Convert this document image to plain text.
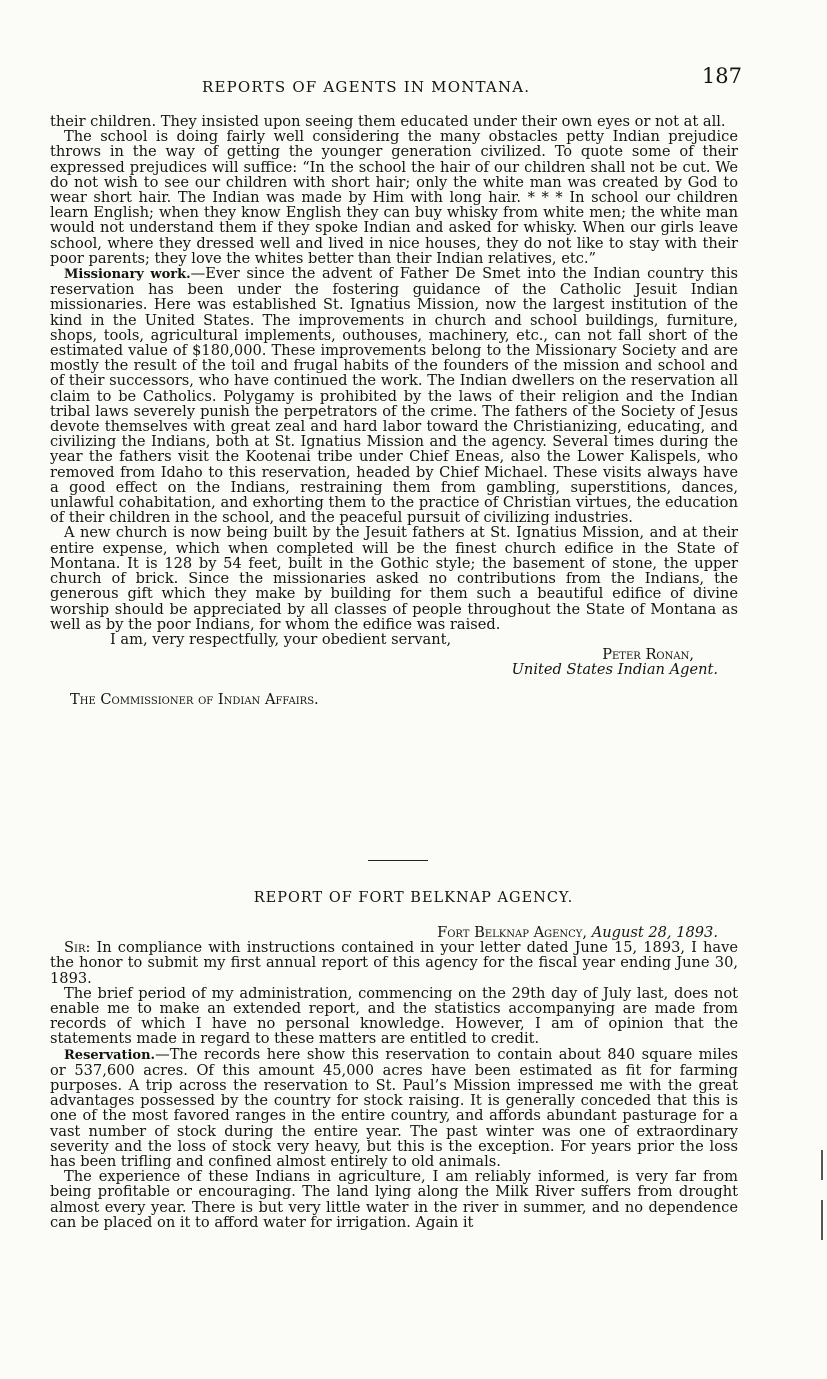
REPORTS OF AGENTS IN MONTANA.	187

their children. They insisted upon seeing them educated under their own eyes or not at all.

The school is doing fairly well considering the many obstacles petty Indian prejudice throws in the way of getting the younger generation civilized. To quote some of their expressed prejudices will suffice: “In the school the hair of our children shall not be cut. We do not wish to see our children with short hair; only the white man was created by God to wear short hair. The Indian was made by Him with long hair. * * * In school our children learn English; when they know English they can buy whisky from white men; the white man would not understand them if they spoke Indian and asked for whisky. When our girls leave school, where they dressed well and lived in nice houses, they do not like to stay with their poor parents; they love the whites better than their Indian relatives, etc.”

Missionary work.—Ever since the advent of Father De Smet into the Indian country this reservation has been under the fostering guidance of the Catholic Jesuit Indian missionaries. Here was established St. Ignatius Mission, now the largest institution of the kind in the United States. The improvements in church and school buildings, furniture, shops, tools, agricultural implements, outhouses, machinery, etc., can not fall short of the estimated value of $180,000. These improvements belong to the Missionary Society and are mostly the result of the toil and frugal habits of the founders of the mission and school and of their successors, who have continued the work. The Indian dwellers on the reservation all claim to be Catholics. Polygamy is prohibited by the laws of their religion and the Indian tribal laws severely punish the perpetrators of the crime. The fathers of the Society of Jesus devote themselves with great zeal and hard labor toward the Christianizing, educating, and civilizing the Indians, both at St. Ignatius Mission and the agency. Several times during the year the fathers visit the Kootenai tribe under Chief Eneas, also the Lower Kalispels, who removed from Idaho to this reservation, headed by Chief Michael. These visits always have a good effect on the Indians, restraining them from gambling, superstitions, dances, unlawful cohabitation, and exhorting them to the practice of Christian virtues, the education of their children in the school, and the peaceful pursuit of civilizing industries.

A new church is now being built by the Jesuit fathers at St. Ignatius Mission, and at their entire expense, which when completed will be the finest church edifice in the State of Montana. It is 128 by 54 feet, built in the Gothic style; the basement of stone, the upper church of brick. Since the missionaries asked no contributions from the Indians, the generous gift which they make by building for them such a beautiful edifice of divine worship should be appreciated by all classes of people throughout the State of Montana as well as by the poor Indians, for whom the edifice was raised.

I am, very respectfully, your obedient servant,

Peter Ronan,

United States Indian Agent.

The Commissioner of Indian Affairs.

REPORT OF FORT BELKNAP AGENCY.

Fort Belknap Agency, August 28, 1893.

Sir: In compliance with instructions contained in your letter dated June 15, 1893, I have the honor to submit my first annual report of this agency for the fiscal year ending June 30, 1893.

The brief period of my administration, commencing on the 29th day of July last, does not enable me to make an extended report, and the statistics accompanying are made from records of which I have no personal knowledge. However, I am of opinion that the statements made in regard to these matters are entitled to credit.

Reservation.—The records here show this reservation to contain about 840 square miles or 537,600 acres. Of this amount 45,000 acres have been estimated as fit for farming purposes. A trip across the reservation to St. Paul’s Mission impressed me with the great advantages possessed by the country for stock raising. It is generally conceded that this is one of the most favored ranges in the entire country, and affords abundant pasturage for a vast number of stock during the entire year. The past winter was one of extraordinary severity and the loss of stock very heavy, but this is the exception. For years prior the loss has been trifling and confined almost entirely to old animals.

The experience of these Indians in agriculture, I am reliably informed, is very far from being profitable or encouraging. The land lying along the Milk River suffers from drought almost every year. There is but very little water in the river in summer, and no dependence can be placed on it to afford water for irrigation. Again it
